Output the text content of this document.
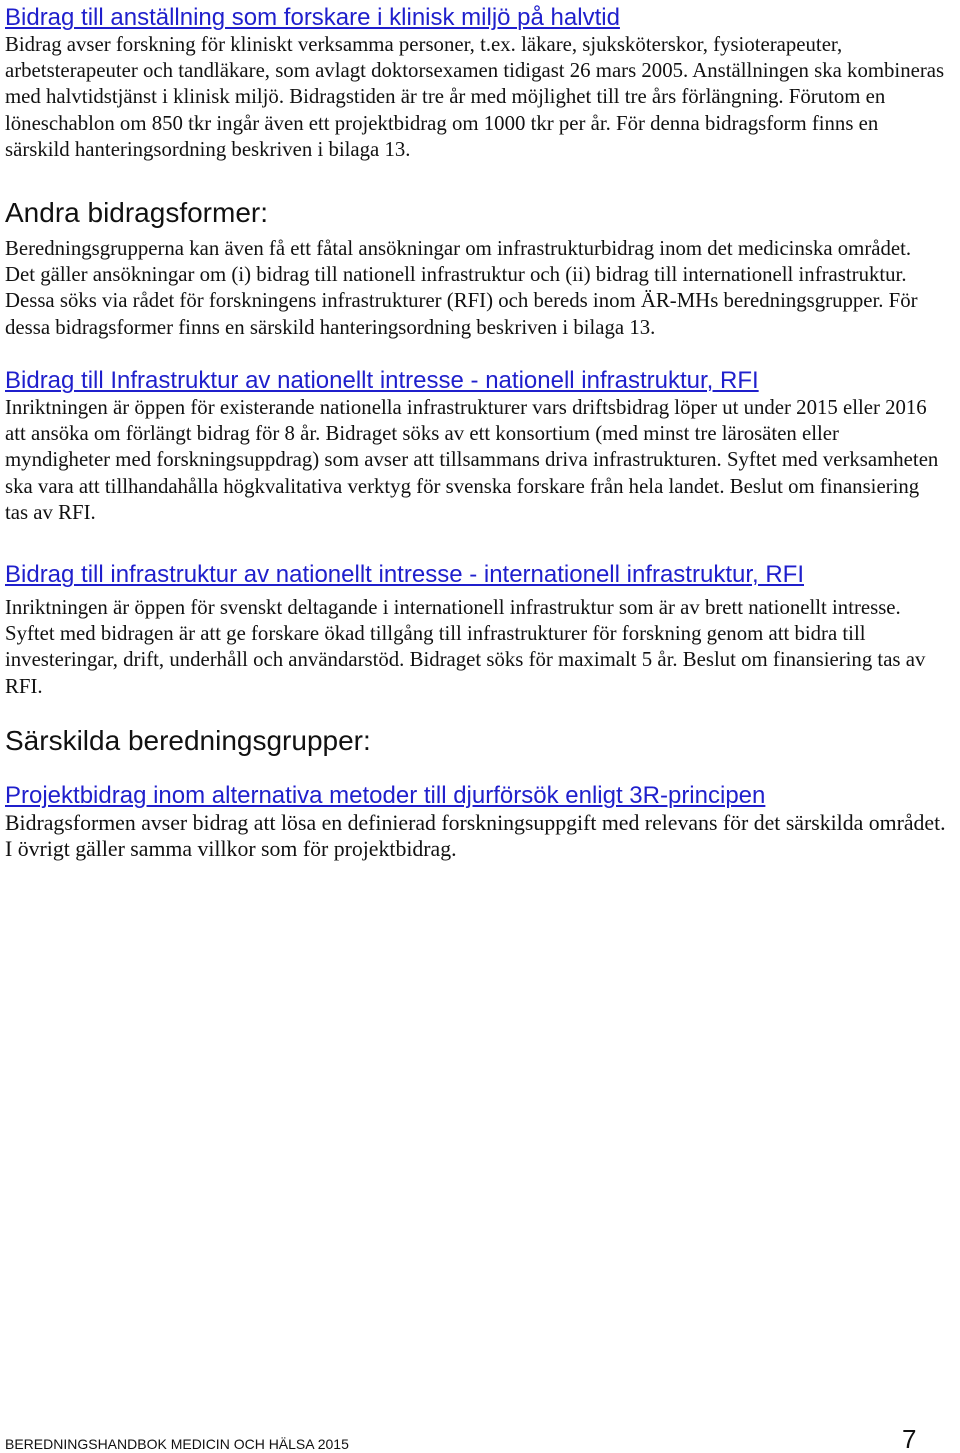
Bidrag till anställning som forskare i klinisk miljö på halvtid
Bidrag avser forskning för kliniskt verksamma personer, t.ex. läkare, sjuksköterskor, fysioterapeuter,
arbetsterapeuter och tandläkare, som avlagt doktorsexamen tidigast 26 mars 2005. Anställningen ska kombineras
med halvtidstjänst i klinisk miljö. Bidragstiden är tre år med möjlighet till tre års förlängning. Förutom en
löneschablon om 850 tkr ingår även ett projektbidrag om 1000 tkr per år. För denna bidragsform finns en
särskild hanteringsordning beskriven i bilaga 13.
Andra bidragsformer:
Beredningsgrupperna kan även få ett fåtal ansökningar om infrastrukturbidrag inom det medicinska området.
Det gäller ansökningar om (i) bidrag till nationell infrastruktur och (ii) bidrag till internationell infrastruktur.
Dessa söks via rådet för forskningens infrastrukturer (RFI) och bereds inom ÄR-MHs beredningsgrupper. För
dessa bidragsformer finns en särskild hanteringsordning beskriven i bilaga 13.
Bidrag till Infrastruktur av nationellt intresse - nationell infrastruktur, RFI
Inriktningen är öppen för existerande nationella infrastrukturer vars driftsbidrag löper ut under 2015 eller 2016
att ansöka om förlängt bidrag för 8 år. Bidraget söks av ett konsortium (med minst tre lärosäten eller
myndigheter med forskningsuppdrag) som avser att tillsammans driva infrastrukturen. Syftet med verksamheten
ska vara att tillhandahålla högkvalitativa verktyg för svenska forskare från hela landet. Beslut om finansiering
tas av RFI.
Bidrag till infrastruktur av nationellt intresse - internationell infrastruktur, RFI
Inriktningen är öppen för svenskt deltagande i internationell infrastruktur som är av brett nationellt intresse.
Syftet med bidragen är att ge forskare ökad tillgång till infrastrukturer för forskning genom att bidra till
investeringar, drift, underhåll och användarstöd. Bidraget söks för maximalt 5 år. Beslut om finansiering tas av
RFI.
Särskilda beredningsgrupper:
Projektbidrag inom alternativa metoder till djurförsök enligt 3R-principen
Bidragsformen avser bidrag att lösa en definierad forskningsuppgift med relevans för det särskilda området.
I övrigt gäller samma villkor som för projektbidrag.
BEREDNINGSHANDBOK MEDICIN OCH HÄLSA 2015	7
